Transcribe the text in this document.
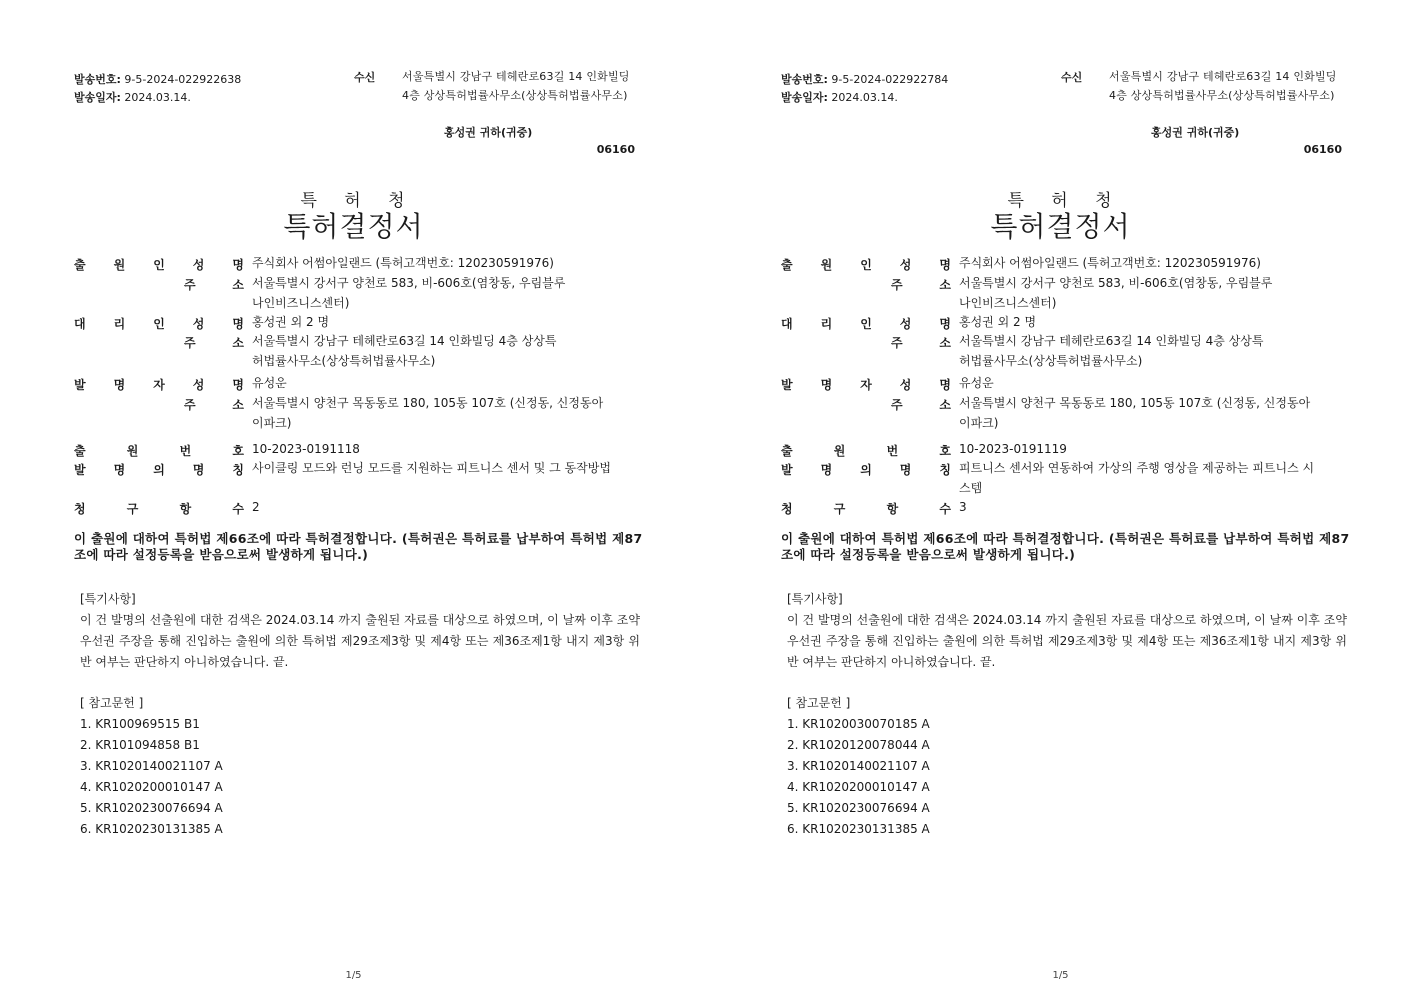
발송번호: 9-5-2024-022922638
발송일자: 2024.03.14.
수신 서울특별시 강남구 테헤란로63길 14 인화빌딩 4층 상상특허법률사무소(상상특허법률사무소)
홍성권 귀하(귀중)
06160
특 허 청
특허결정서
출 원 인 성 명 주식회사 어썸아일랜드 (특허고객번호: 120230591976)
주	소 서울특별시 강서구 양천로 583, 비-606호(염창동, 우림블루나인비즈니스센터)
대 리 인 성 명 홍성권 외 2 명
주	소 서울특별시 강남구 테헤란로63길 14 인화빌딩 4층 상상특허법률사무소(상상특허법률사무소)
발 명 자 성 명 유성운
주	소 서울특별시 양천구 목동동로 180, 105동 107호 (신정동, 신정동아이파크)
출	원	번	호 10-2023-0191118
발 명 의 명 칭 사이클링 모드와 런닝 모드를 지원하는 피트니스 센서 및 그 동작방법
청	구	항	수 2
이 출원에 대하여 특허법 제66조에 따라 특허결정합니다. (특허권은 특허료를 납부하여 특허법 제87조에 따라 설정등록을 받음으로써 발생하게 됩니다.)
[특기사항]
이 건 발명의 선출원에 대한 검색은 2024.03.14 까지 출원된 자료를 대상으로 하였으며, 이 날짜 이후 조약우선권 주장을 통해 진입하는 출원에 의한 특허법 제29조제3항 및 제4항 또는 제36조제1항 내지 제3항 위반 여부는 판단하지 아니하였습니다. 끝.
[ 참고문헌 ]
1. KR100969515 B1
2. KR101094858 B1
3. KR1020140021107 A
4. KR1020200010147 A
5. KR1020230076694 A
6. KR1020230131385 A
1/5
발송번호: 9-5-2024-022922784
발송일자: 2024.03.14.
수신 서울특별시 강남구 테헤란로63길 14 인화빌딩 4층 상상특허법률사무소(상상특허법률사무소)
홍성권 귀하(귀중)
06160
특 허 청
특허결정서
출 원 인 성 명 주식회사 어썸아일랜드 (특허고객번호: 120230591976)
주	소 서울특별시 강서구 양천로 583, 비-606호(염창동, 우림블루나인비즈니스센터)
대 리 인 성 명 홍성권 외 2 명
주	소 서울특별시 강남구 테헤란로63길 14 인화빌딩 4층 상상특허법률사무소(상상특허법률사무소)
발 명 자 성 명 유성운
주	소 서울특별시 양천구 목동동로 180, 105동 107호 (신정동, 신정동아이파크)
출	원	번	호 10-2023-0191119
발 명 의 명 칭 피트니스 센서와 연동하여 가상의 주행 영상을 제공하는 피트니스 시스템
청	구	항	수 3
이 출원에 대하여 특허법 제66조에 따라 특허결정합니다. (특허권은 특허료를 납부하여 특허법 제87조에 따라 설정등록을 받음으로써 발생하게 됩니다.)
[특기사항]
이 건 발명의 선출원에 대한 검색은 2024.03.14 까지 출원된 자료를 대상으로 하였으며, 이 날짜 이후 조약우선권 주장을 통해 진입하는 출원에 의한 특허법 제29조제3항 및 제4항 또는 제36조제1항 내지 제3항 위반 여부는 판단하지 아니하였습니다. 끝.
[ 참고문헌 ]
1. KR1020030070185 A
2. KR1020120078044 A
3. KR1020140021107 A
4. KR1020200010147 A
5. KR1020230076694 A
6. KR1020230131385 A
1/5
